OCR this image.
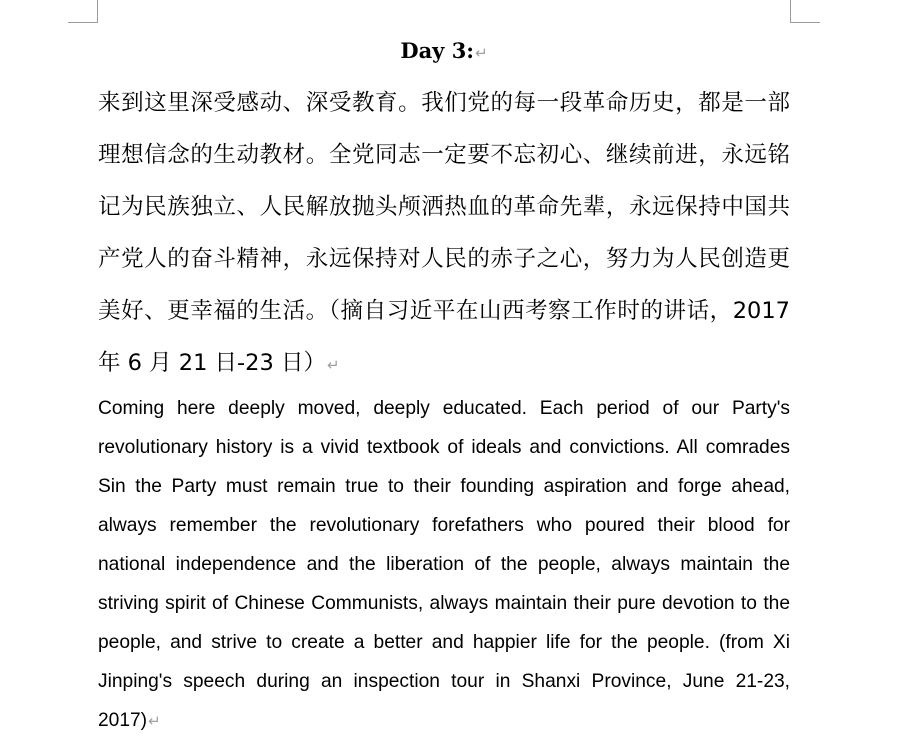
Day 3:↵
来到这里深受感动、深受教育。我们党的每一段革命历史，都是一部理想信念的生动教材。全党同志一定要不忘初心、继续前进，永远铭记为民族独立、人民解放抛头颅洒热血的革命先辈，永远保持中国共产党人的奋斗精神，永远保持对人民的赤子之心，努力为人民创造更美好、更幸福的生活。（摘自习近平在山西考察工作时的讲话，2017年 6 月 21 日-23 日）↵
Coming here deeply moved, deeply educated. Each period of our Party's revolutionary history is a vivid textbook of ideals and convictions. All comrades Sin the Party must remain true to their founding aspiration and forge ahead, always remember the revolutionary forefathers who poured their blood for national independence and the liberation of the people, always maintain the striving spirit of Chinese Communists, always maintain their pure devotion to the people, and strive to create a better and happier life for the people. (from Xi Jinping's speech during an inspection tour in Shanxi Province, June 21-23, 2017)↵
